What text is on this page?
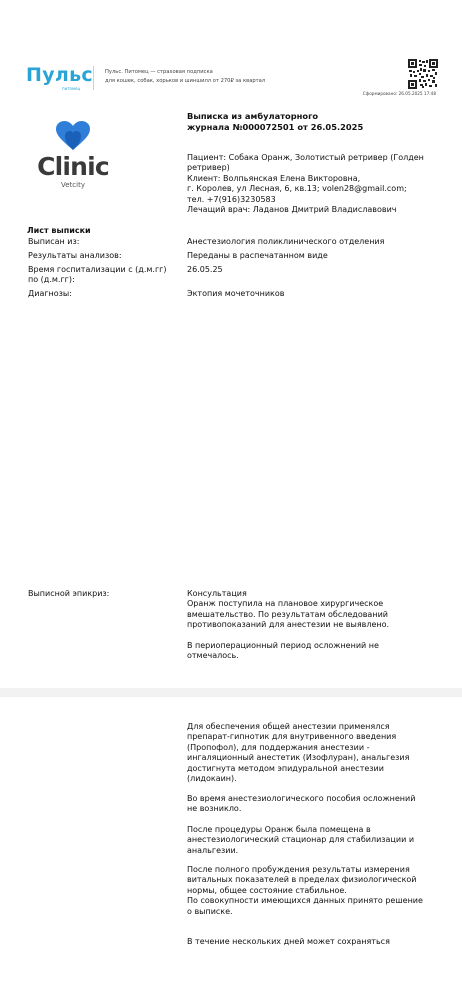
Пульс
питомец
Пульс. Питомец — страховая подписка
для кошек, собак, хорьков и шиншилл от 270₽ за квартал
Сформировано: 26.05.2025 17:48
Clinic
Vetcity
Выписка из амбулаторного
журнала №000072501 от 26.05.2025
Пациент: Собака Оранж, Золотистый ретривер (Голден ретривер)
Клиент: Волпьянская Елена Викторовна,
г. Королев, ул Лесная, 6, кв.13; volen28@gmail.com;
тел. +7(916)3230583
Лечащий врач: Ладанов Дмитрий Владиславович
Лист выписки
Выписан из:	Анестезиология поликлинического отделения
Результаты анализов:	Переданы в распечатанном виде
Время госпитализации с (д.м.гг) по (д.м.гг):
26.05.25
Диагнозы:	Эктопия мочеточников
Выписной эпикриз:	Консультация
Оранж поступила на плановое хирургическое вмешательство. По результатам обследований противопоказаний для анестезии не выявлено.
В периоперационный период осложнений не отмечалось.
Для обеспечения общей анестезии применялся препарат-гипнотик для внутривенного введения (Пропофол), для поддержания анестезии - ингаляционный анестетик (Изофлуран), анальгезия достигнута методом эпидуральной анестезии (лидокаин).
Во время анестезиологического пособия осложнений не возникло.
После процедуры Оранж была помещена в анестезиологический стационар для стабилизации и анальгезии.
После полного пробуждения результаты измерения витальных показателей в пределах физиологической нормы, общее состояние стабильное.
По совокупности имеющихся данных принято решение о выписке.
В течение нескольких дней может сохраняться
